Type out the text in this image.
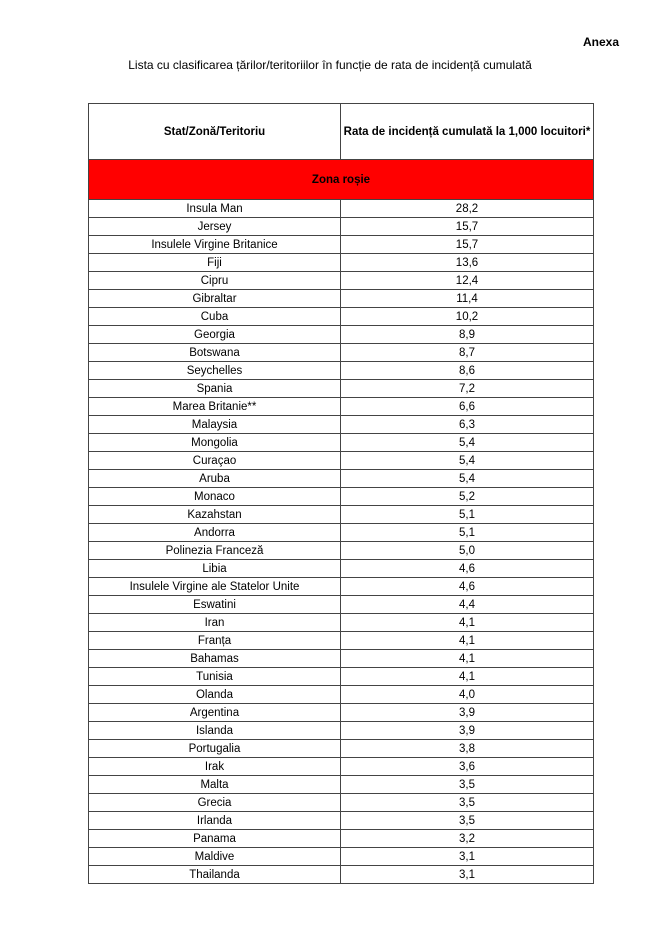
Anexa
Lista cu clasificarea țărilor/teritoriilor în funcție de rata de incidență cumulată
Stat/Zonă/Teritoriu	Rata de incidență cumulată la 1,000 locuitori*
Zona roșie	
Insula Man	28,2
Jersey	15,7
Insulele Virgine Britanice	15,7
Fiji	13,6
Cipru	12,4
Gibraltar	11,4
Cuba	10,2
Georgia	8,9
Botswana	8,7
Seychelles	8,6
Spania	7,2
Marea Britanie**	6,6
Malaysia	6,3
Mongolia	5,4
Curaçao	5,4
Aruba	5,4
Monaco	5,2
Kazahstan	5,1
Andorra	5,1
Polinezia Franceză	5,0
Libia	4,6
Insulele Virgine ale Statelor Unite	4,6
Eswatini	4,4
Iran	4,1
Franța	4,1
Bahamas	4,1
Tunisia	4,1
Olanda	4,0
Argentina	3,9
Islanda	3,9
Portugalia	3,8
Irak	3,6
Malta	3,5
Grecia	3,5
Irlanda	3,5
Panama	3,2
Maldive	3,1
Thailanda	3,1
